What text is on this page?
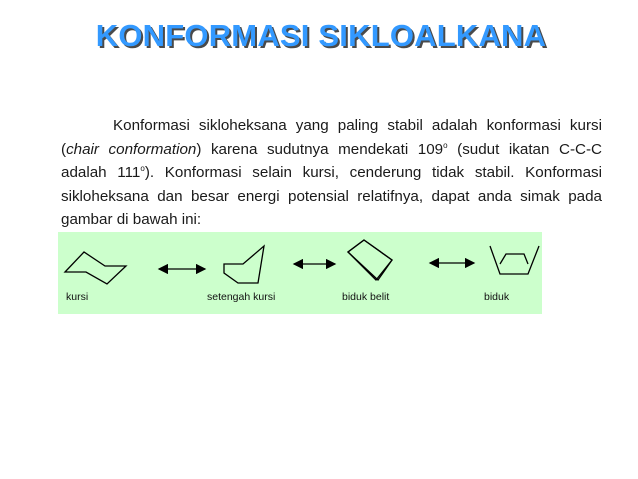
KONFORMASI SIKLOALKANA
Konformasi sikloheksana yang paling stabil adalah konformasi kursi (chair conformation) karena sudutnya mendekati 109$^o$ (sudut ikatan C-C-C adalah 111$^o$). Konformasi selain kursi, cenderung tidak stabil. Konformasi sikloheksana dan besar energi potensial relatifnya, dapat anda simak pada gambar di bawah ini:
kursi	setengah kursi	biduk belit	biduk
